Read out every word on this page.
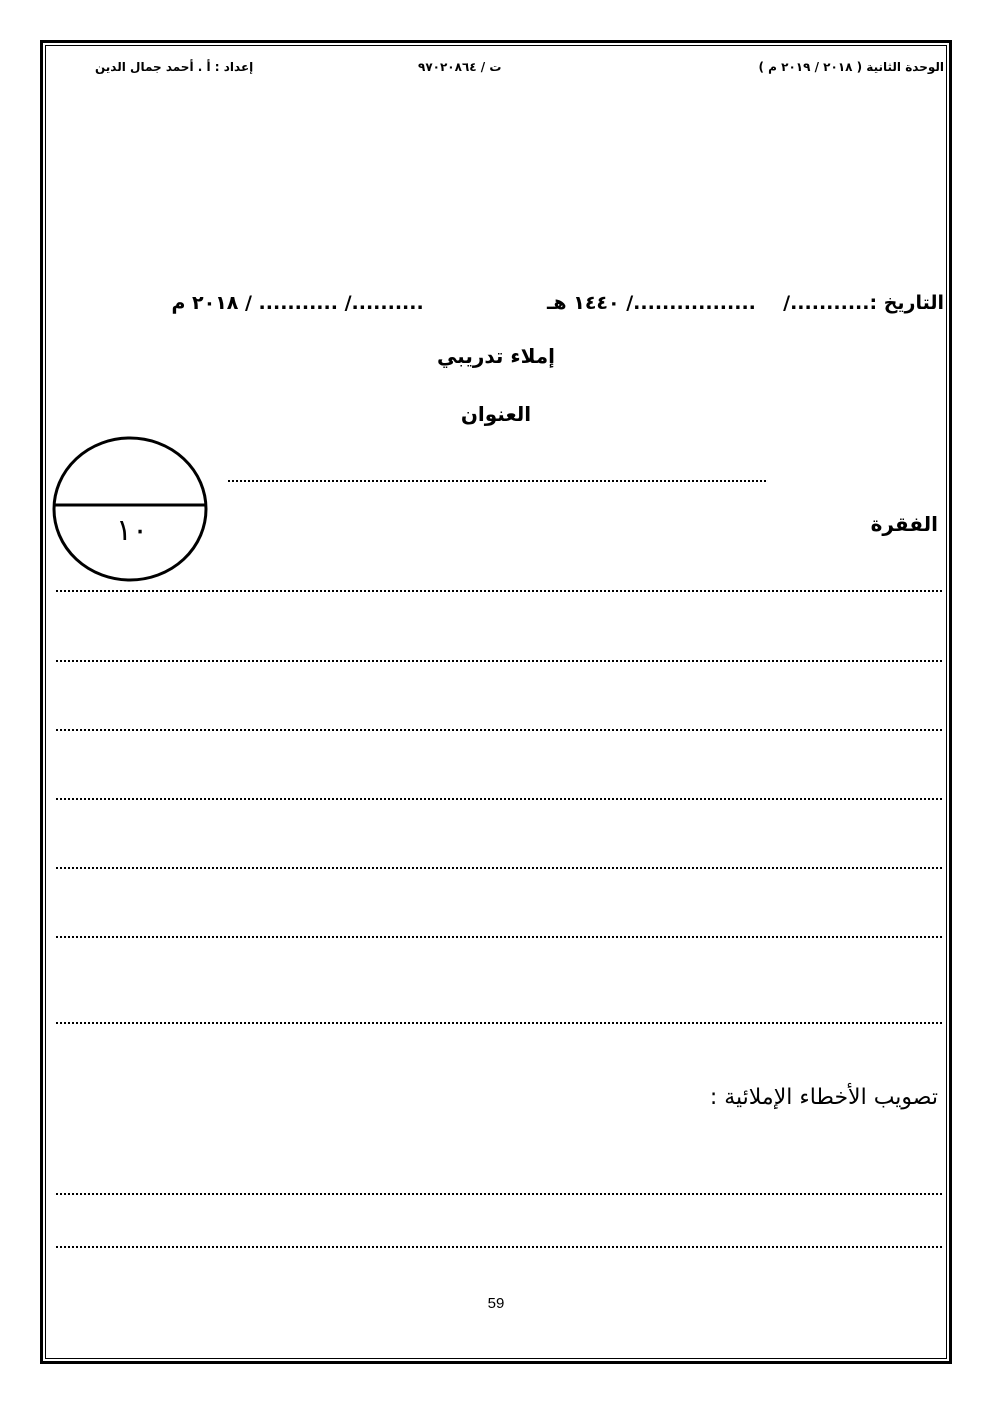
الوحدة الثانية ( ٢٠١٨ / ٢٠١٩ م )
ت / ٩٧٠٢٠٨٦٤
إعداد : أ . أحمد جمال الدين
التاريخ :.........../  ................./ ١٤٤٠ هـ  ........../ ........... / ٢٠١٨ م
إملاء تدريبي
العنوان
١٠	الفقرة
تصويب الأخطاء الإملائية :
59
